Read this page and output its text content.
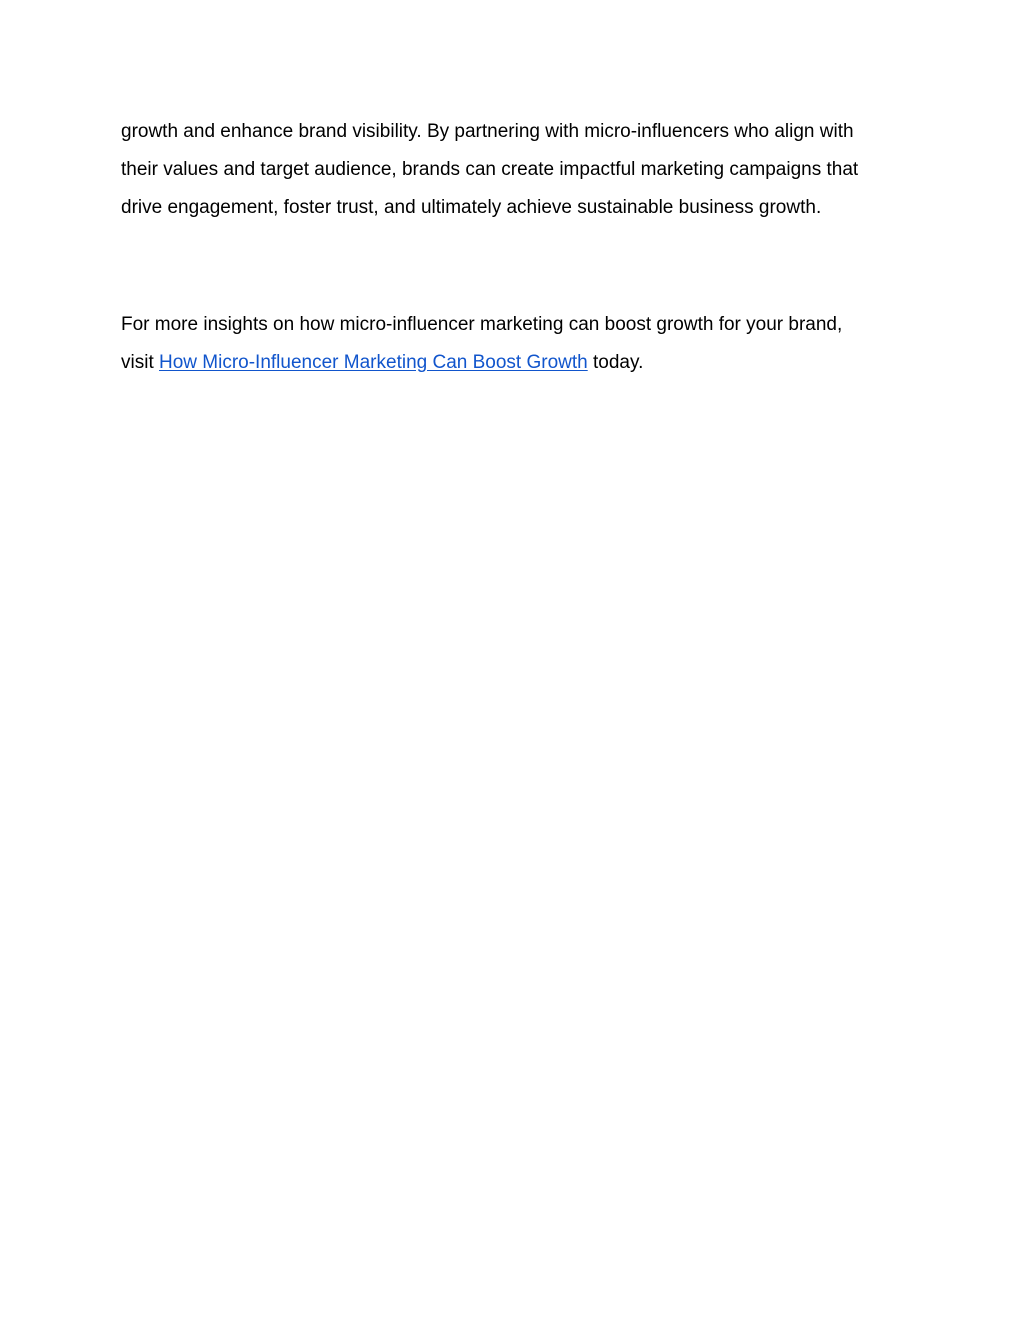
growth and enhance brand visibility. By partnering with micro-influencers who align with
their values and target audience, brands can create impactful marketing campaigns that
drive engagement, foster trust, and ultimately achieve sustainable business growth.

For more insights on how micro-influencer marketing can boost growth for your brand,
visit How Micro-Influencer Marketing Can Boost Growth today.
